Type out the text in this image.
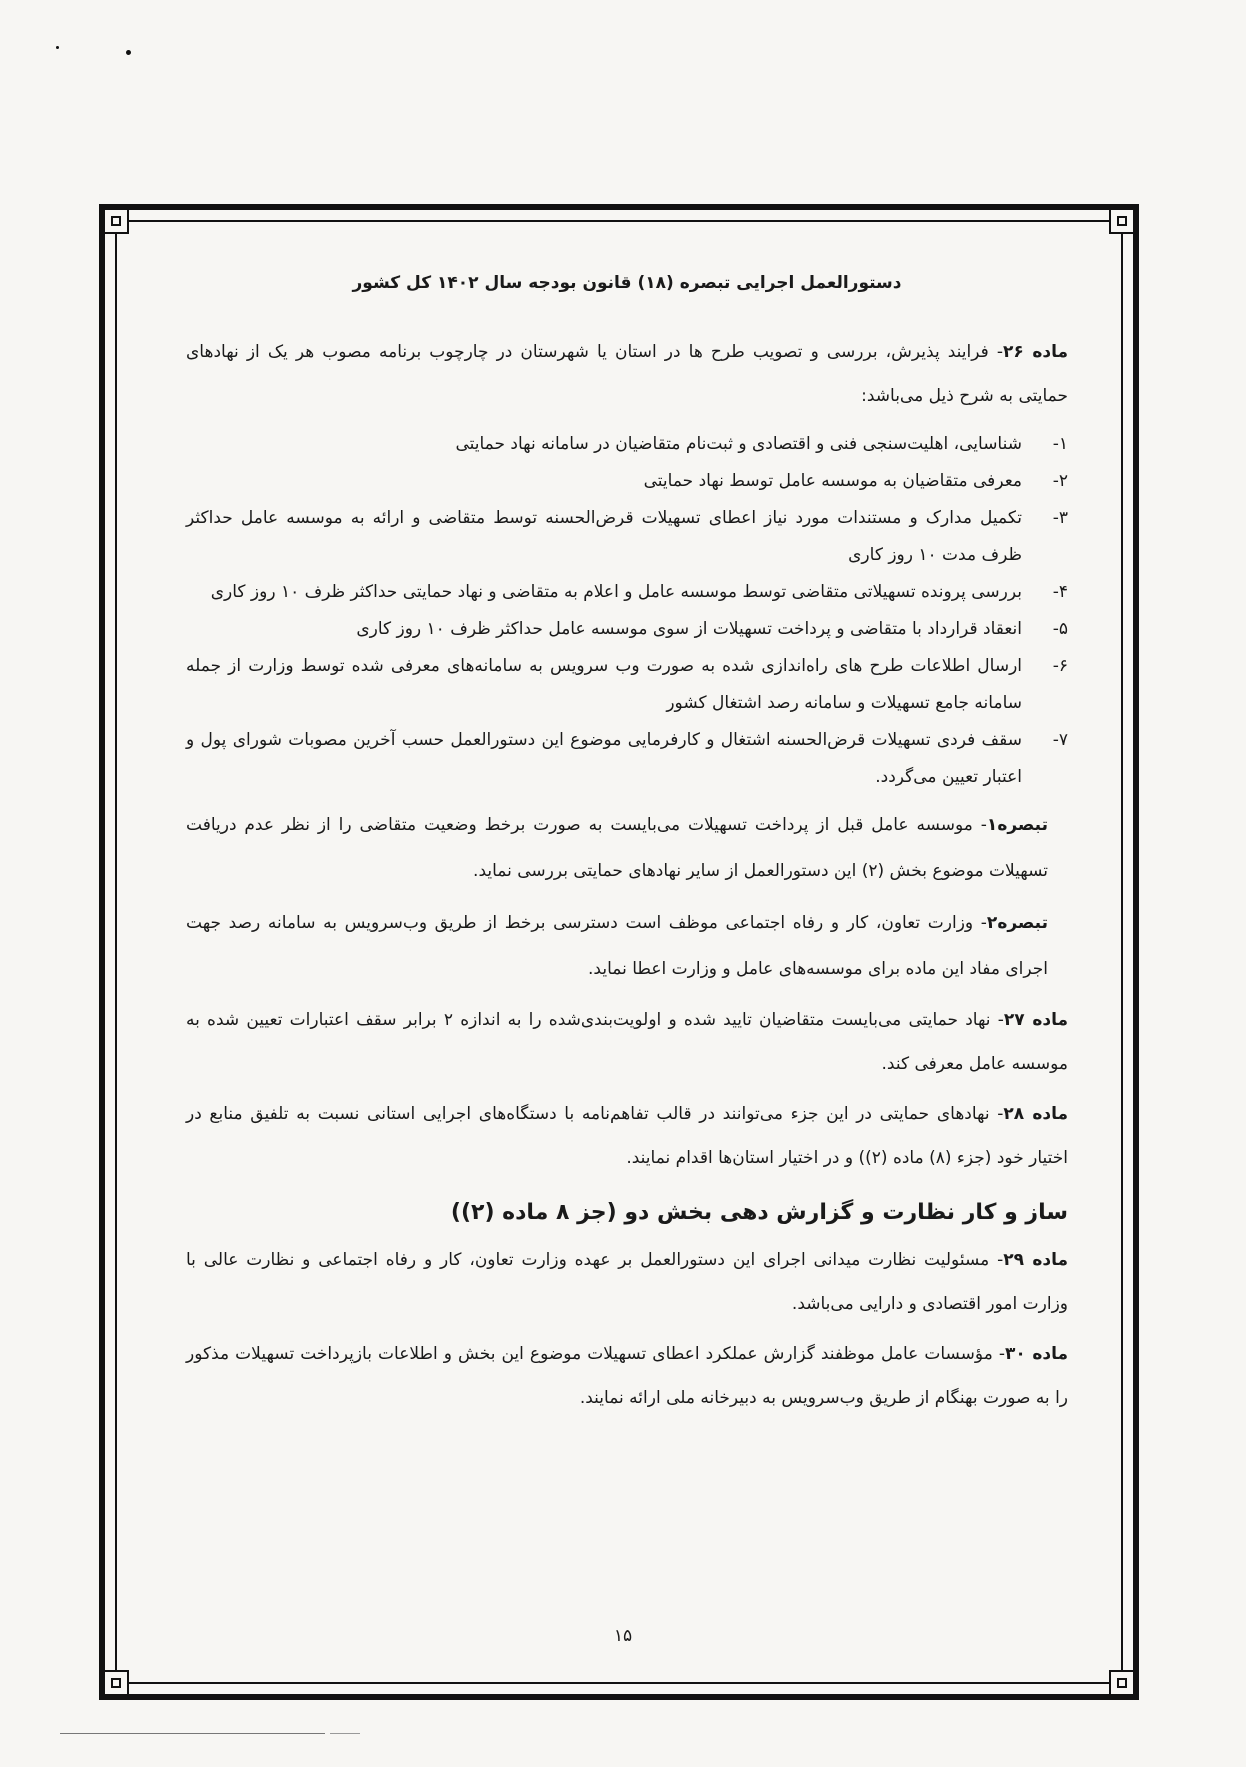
دستورالعمل اجرایی تبصره (۱۸) قانون بودجه سال ۱۴۰۲ کل کشور

ماده ۲۶- فرایند پذیرش، بررسی و تصویب طرح ها در استان یا شهرستان در چارچوب برنامه مصوب هر یک از نهادهای حمایتی به شرح ذیل می‌باشد:

۱-
شناسایی، اهلیت‌سنجی فنی و اقتصادی و ثبت‌نام متقاضیان در سامانه نهاد حمایتی
۲-
معرفی متقاضیان به موسسه عامل توسط نهاد حمایتی
۳-
تکمیل مدارک و مستندات مورد نیاز اعطای تسهیلات قرض‌الحسنه توسط متقاضی و ارائه به موسسه عامل حداکثر ظرف مدت ۱۰ روز کاری
۴-
بررسی پرونده تسهیلاتی متقاضی توسط موسسه عامل و اعلام به متقاضی و نهاد حمایتی حداکثر ظرف ۱۰ روز کاری
۵-
انعقاد قرارداد با متقاضی و پرداخت تسهیلات از سوی موسسه عامل حداکثر ظرف ۱۰ روز کاری
۶-
ارسال اطلاعات طرح های راه‌اندازی شده به صورت وب سرویس به سامانه‌های معرفی شده توسط وزارت از جمله سامانه جامع تسهیلات و سامانه رصد اشتغال کشور
۷-
سقف فردی تسهیلات قرض‌الحسنه اشتغال و کارفرمایی موضوع این دستورالعمل حسب آخرین مصوبات شورای پول و اعتبار تعیین می‌گردد.

تبصره۱- موسسه عامل قبل از پرداخت تسهیلات می‌بایست به صورت برخط وضعیت متقاضی را از نظر عدم دریافت تسهیلات موضوع بخش (۲) این دستورالعمل از سایر نهادهای حمایتی بررسی نماید.

تبصره۲- وزارت تعاون، کار و رفاه اجتماعی موظف است دسترسی برخط از طریق وب‌سرویس به سامانه رصد جهت اجرای مفاد این ماده برای موسسه‌های عامل و وزارت اعطا نماید.

ماده ۲۷- نهاد حمایتی می‌بایست متقاضیان تایید شده و اولویت‌بندی‌شده را به اندازه ۲ برابر سقف اعتبارات تعیین شده به موسسه عامل معرفی کند.

ماده ۲۸- نهادهای حمایتی در این جزء می‌توانند در قالب تفاهم‌نامه با دستگاه‌های اجرایی استانی نسبت به تلفیق منابع در اختیار خود (جزء (۸) ماده (۲)) و در اختیار استان‌ها اقدام نمایند.

ساز و کار نظارت و گزارش دهی بخش دو (جز ۸ ماده (۲))

ماده ۲۹- مسئولیت نظارت میدانی اجرای این دستورالعمل بر عهده وزارت تعاون، کار و رفاه اجتماعی و نظارت عالی با وزارت امور اقتصادی و دارایی می‌باشد.

ماده ۳۰- مؤسسات عامل موظفند گزارش عملکرد اعطای تسهیلات موضوع این بخش و اطلاعات بازپرداخت تسهیلات مذکور را به صورت بهنگام از طریق وب‌سرویس به دبیرخانه ملی ارائه نمایند.

۱۵
